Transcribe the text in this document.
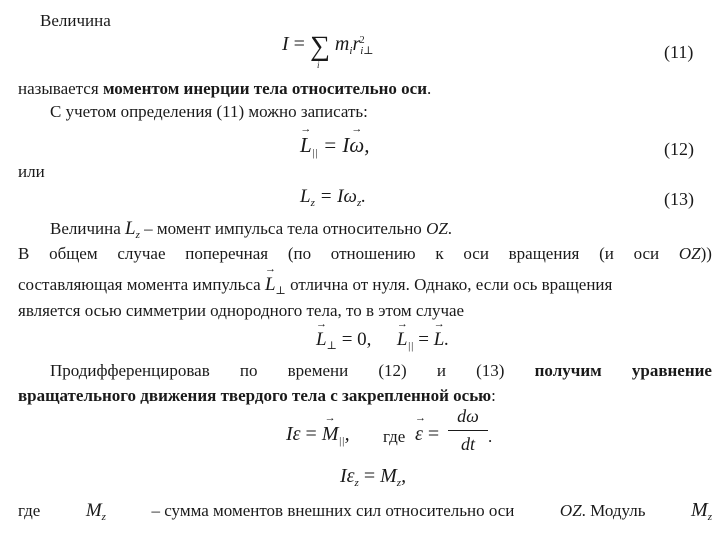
Величина
I = ∑
i
$m_ir_{i\perp}^2$
(11)
называется моментом инерции тела относительно оси.
С учетом определения (11) можно записать:
→ $L_{||} = I\to \omega$,	(12)
или
$L_z = I\omega_z$.	(13)
Величина $L_z$ – момент импульса тела относительно OZ.
В общем случае поперечная (по отношению к оси вращения (и оси OZ))
составляющая момента импульса → $L_\perp$ отлична от нуля. Однако, если ось вращения
является осью симметрии однородного тела, то в этом случае
→ $L_\perp = 0$, → $L_{||}$ = → L.
Продифференцировав по времени (12) и (13) получим уравнение
вращательного движения твердого тела с закрепленной осью:
Iε = → $M_{||}$, где → ε =
dω
dt .
$I\varepsilon_z = M_z$,
где $M_z$	– сумма моментов внешних сил относительно оси	OZ. Модуль $M_z$
